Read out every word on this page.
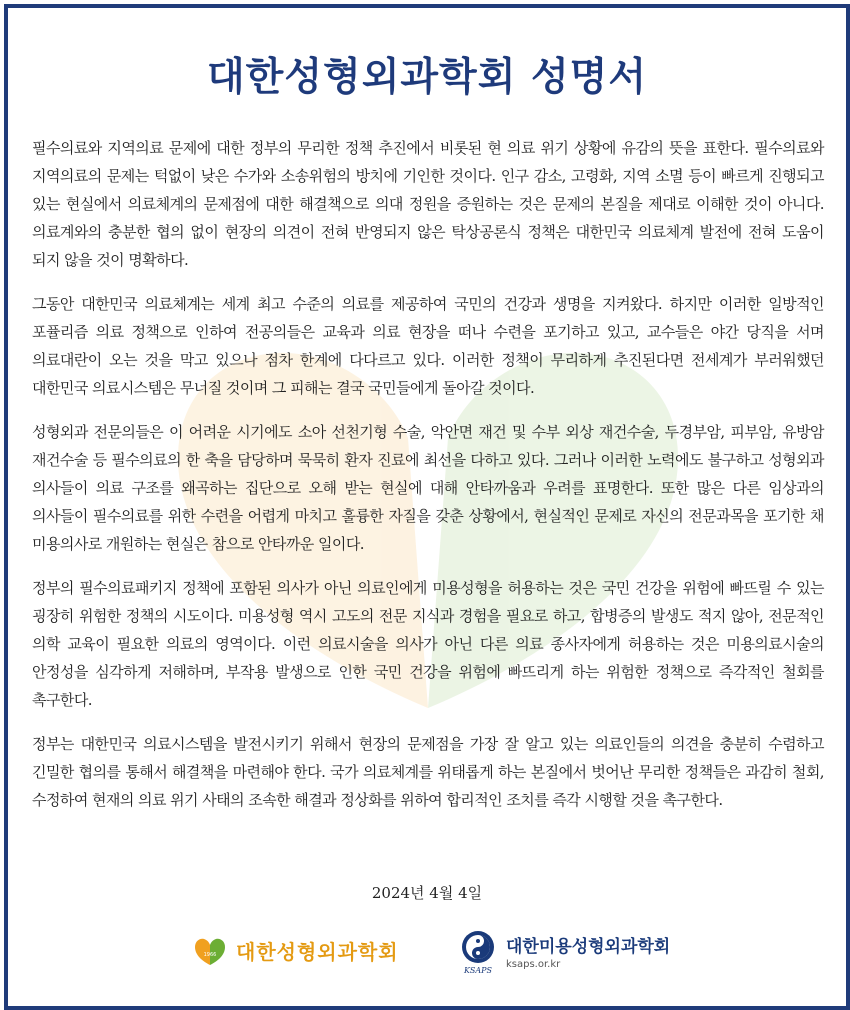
대한성형외과학회 성명서

필수의료와 지역의료 문제에 대한 정부의 무리한 정책 추진에서 비롯된 현 의료 위기 상황에 유감의 뜻을 표한다. 필수의료와 지역의료의 문제는 턱없이 낮은 수가와 소송위험의 방치에 기인한 것이다. 인구 감소, 고령화, 지역 소멸 등이 빠르게 진행되고 있는 현실에서 의료체계의 문제점에 대한 해결책으로 의대 정원을 증원하는 것은 문제의 본질을 제대로 이해한 것이 아니다. 의료계와의 충분한 협의 없이 현장의 의견이 전혀 반영되지 않은 탁상공론식 정책은 대한민국 의료체계 발전에 전혀 도움이 되지 않을 것이 명확하다.

그동안 대한민국 의료체계는 세계 최고 수준의 의료를 제공하여 국민의 건강과 생명을 지켜왔다. 하지만 이러한 일방적인 포퓰리즘 의료 정책으로 인하여 전공의들은 교육과 의료 현장을 떠나 수련을 포기하고 있고, 교수들은 야간 당직을 서며 의료대란이 오는 것을 막고 있으나 점차 한계에 다다르고 있다. 이러한 정책이 무리하게 추진된다면 전세계가 부러워했던 대한민국 의료시스템은 무너질 것이며 그 피해는 결국 국민들에게 돌아갈 것이다.

성형외과 전문의들은 이 어려운 시기에도 소아 선천기형 수술, 악안면 재건 및 수부 외상 재건수술, 두경부암, 피부암, 유방암 재건수술 등 필수의료의 한 축을 담당하며 묵묵히 환자 진료에 최선을 다하고 있다. 그러나 이러한 노력에도 불구하고 성형외과 의사들이 의료 구조를 왜곡하는 집단으로 오해 받는 현실에 대해 안타까움과 우려를 표명한다. 또한 많은 다른 임상과의 의사들이 필수의료를 위한 수련을 어렵게 마치고 훌륭한 자질을 갖춘 상황에서, 현실적인 문제로 자신의 전문과목을 포기한 채 미용의사로 개원하는 현실은 참으로 안타까운 일이다.

정부의 필수의료패키지 정책에 포함된 의사가 아닌 의료인에게 미용성형을 허용하는 것은 국민 건강을 위험에 빠뜨릴 수 있는 굉장히 위험한 정책의 시도이다. 미용성형 역시 고도의 전문 지식과 경험을 필요로 하고, 합병증의 발생도 적지 않아, 전문적인 의학 교육이 필요한 의료의 영역이다. 이런 의료시술을 의사가 아닌 다른 의료 종사자에게 허용하는 것은 미용의료시술의 안정성을 심각하게 저해하며, 부작용 발생으로 인한 국민 건강을 위험에 빠뜨리게 하는 위험한 정책으로 즉각적인 철회를 촉구한다.

정부는 대한민국 의료시스템을 발전시키기 위해서 현장의 문제점을 가장 잘 알고 있는 의료인들의 의견을 충분히 수렴하고 긴밀한 협의를 통해서 해결책을 마련해야 한다. 국가 의료체계를 위태롭게 하는 본질에서 벗어난 무리한 정책들은 과감히 철회, 수정하여 현재의 의료 위기 사태의 조속한 해결과 정상화를 위하여 합리적인 조치를 즉각 시행할 것을 촉구한다.

2024년 4월 4일
1966 대한성형외과학회
KSAPS
대한미용성형외과학회
ksaps.or.kr
